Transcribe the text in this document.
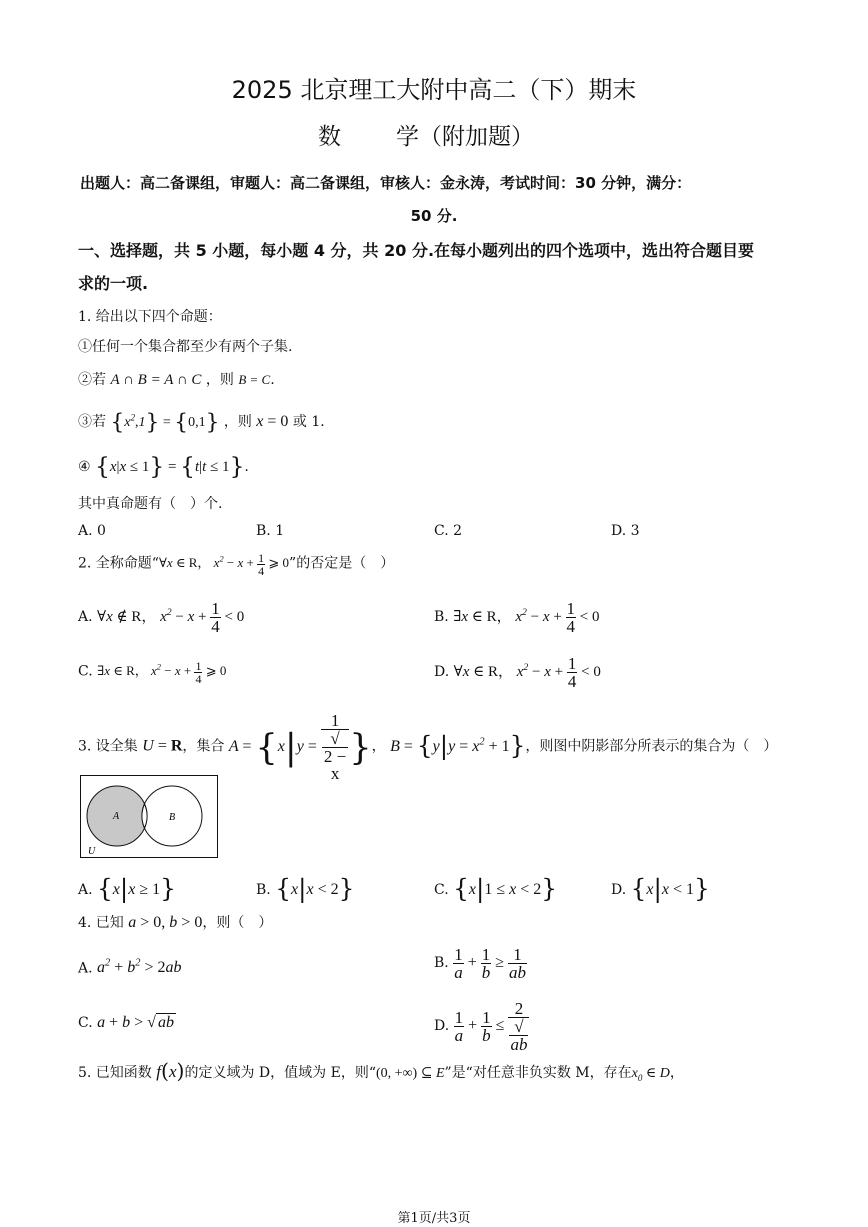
2025 北京理工大附中高二（下）期末
数 学（附加题）
出题人：高二备课组，审题人：高二备课组，审核人：金永涛，考试时间：30 分钟，满分：
50 分.
一、选择题，共 5 小题，每小题 4 分，共 20 分.在每小题列出的四个选项中，选出符合题目要
求的一项.
1. 给出以下四个命题：
①任何一个集合都至少有两个子集.
②若 A ∩ B = A ∩ C ，则 B = C.
③若 $\{x^2,1\} = \{0,1\}$ ，则 x = 0 或 1.
④ {x|x ≤ 1} = {t|t ≤ 1}.
其中真命题有（　）个.
A. 0	B. 1	C. 2	D. 3
2. 全称命题“∀x ∈ R， $x^2 - x + \frac{1}{4}$ ⩾ 0”的否定是（　）
A. ∀x ∉ R， $x^2 - x + \frac{1}{4} < 0$	B. ∃x ∈ R， $x^2 - x + \frac{1}{4} < 0$
C. ∃x ∈ R， $x^2 - x + \frac{1}{4}$ ⩾ 0	D. ∀x ∈ R， $x^2 - x + \frac{1}{4} < 0$
3. 设全集 U = R，集合 A = {x|y = 1
√
2 −
x }， $B = \{y|y = x^2 + 1\}$，则图中阴影部分所表示的集合为（　）
A	B
U
A. {x|x ≥ 1}	B. {x|x < 2}	C. {x|1 ≤ x < 2}	D. {x|x < 1}
4. 已知 a > 0, b > 0，则（　）
A. $a^2 + b^2 > 2ab$	B. $\frac{1}{a} + \frac{1}{b} \ge \frac{1}{ab}$
C. a + b > √ ab	D. $\frac{1}{a} + \frac{1}{b} \le 2$
√
ab
5. 已知函数 f(x)的定义域为 D，值域为 E，则“(0, +∞) ⊆ E”是“对任意非负实数 M，存在$x_0$ ∈ D，
第1页/共3页
